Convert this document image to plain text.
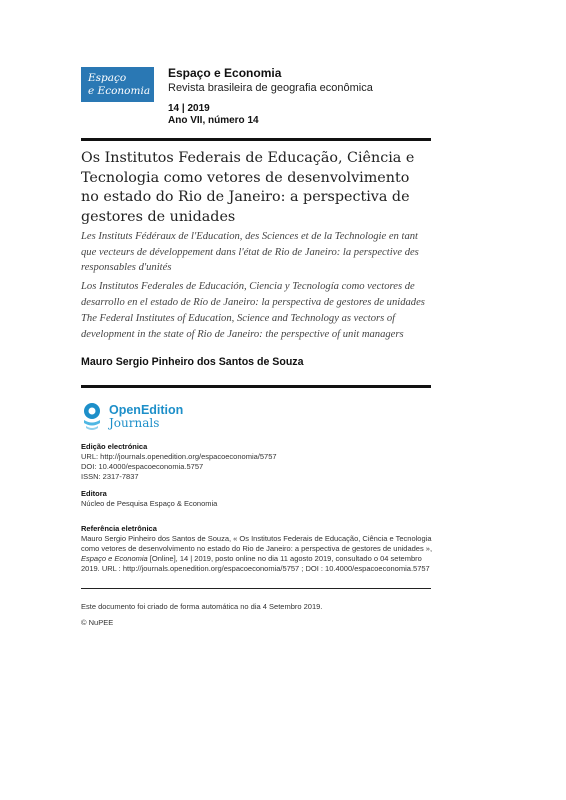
Espaço
e Economia
Espaço e Economia
Revista brasileira de geografia econômica
14 | 2019
Ano VII, número 14
Os Institutos Federais de Educação, Ciência e Tecnologia como vetores de desenvolvimento no estado do Rio de Janeiro: a perspectiva de gestores de unidades
Les Instituts Fédéraux de l'Education, des Sciences et de la Technologie en tant que vecteurs de développement dans l'état de Rio de Janeiro: la perspective des responsables d'unités
Los Institutos Federales de Educación, Ciencia y Tecnología como vectores de desarrollo en el estado de Río de Janeiro: la perspectiva de gestores de unidades
The Federal Institutes of Education, Science and Technology as vectors of development in the state of Rio de Janeiro: the perspective of unit managers
Mauro Sergio Pinheiro dos Santos de Souza
OpenEdition
Journals
Edição electrónica
URL: http://journals.openedition.org/espacoeconomia/5757
DOI: 10.4000/espacoeconomia.5757
ISSN: 2317-7837
Editora
Núcleo de Pesquisa Espaço & Economia
Referência eletrônica
Mauro Sergio Pinheiro dos Santos de Souza, « Os Institutos Federais de Educação, Ciência e Tecnologia como vetores de desenvolvimento no estado do Rio de Janeiro: a perspectiva de gestores de unidades », Espaço e Economia [Online], 14 | 2019, posto online no dia 11 agosto 2019, consultado o 04 setembro 2019. URL : http://journals.openedition.org/espacoeconomia/5757 ; DOI : 10.4000/espacoeconomia.5757
Este documento foi criado de forma automática no dia 4 Setembro 2019.
© NuPEE
